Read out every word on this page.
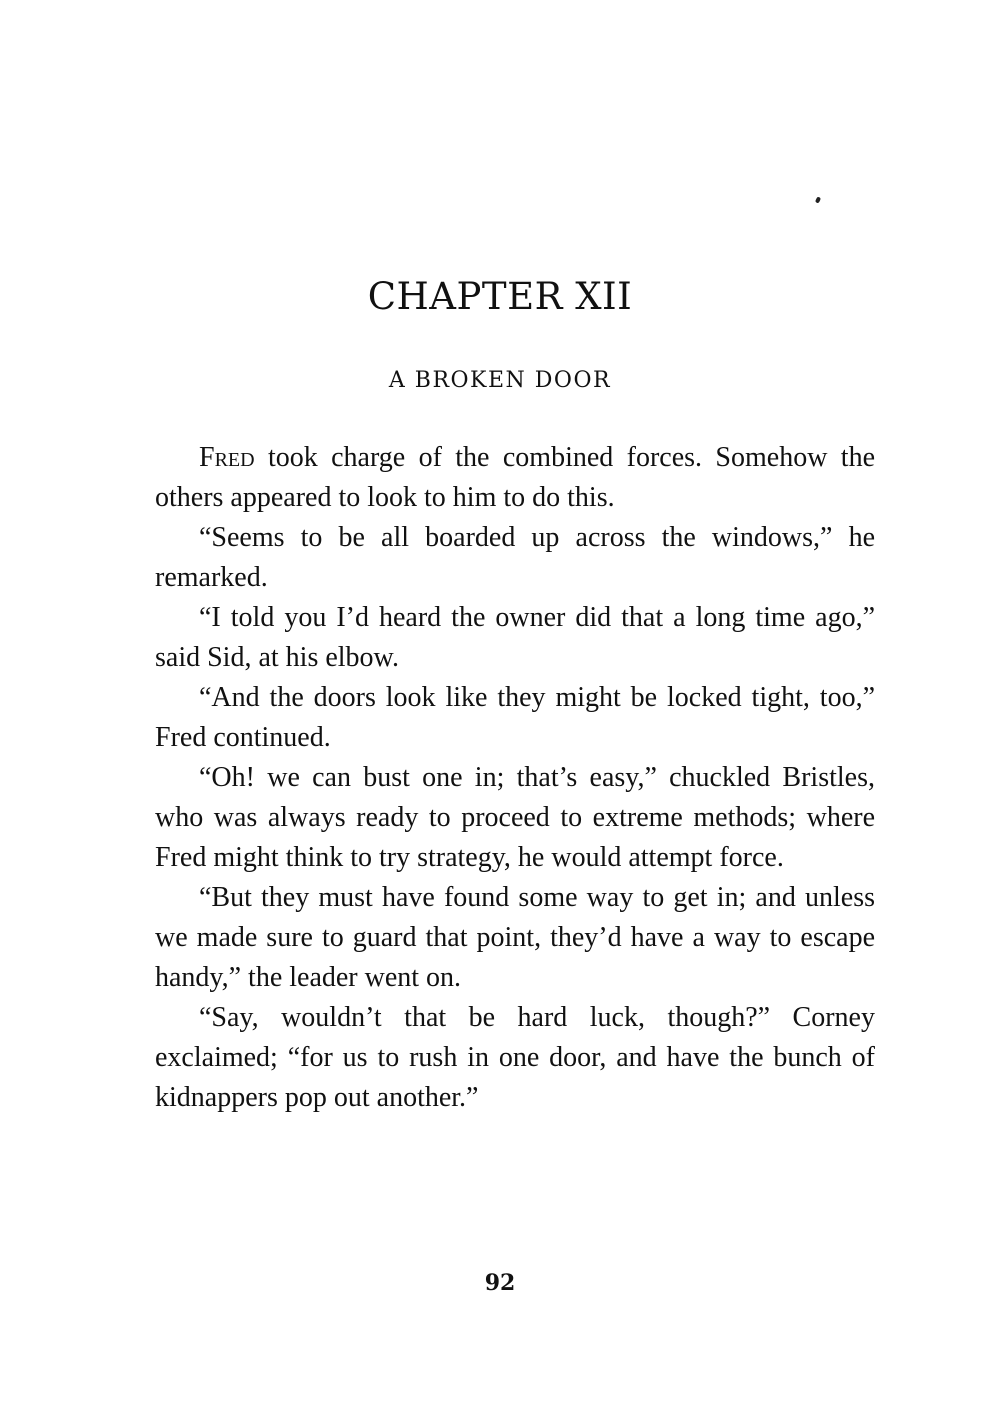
CHAPTER XII
A BROKEN DOOR

Fred took charge of the combined forces. Somehow the others appeared to look to him to do this.

“Seems to be all boarded up across the windows,” he remarked.

“I told you I’d heard the owner did that a long time ago,” said Sid, at his elbow.

“And the doors look like they might be locked tight, too,” Fred continued.

“Oh! we can bust one in; that’s easy,” chuckled Bristles, who was always ready to proceed to extreme methods; where Fred might think to try strategy, he would attempt force.

“But they must have found some way to get in; and unless we made sure to guard that point, they’d have a way to escape handy,” the leader went on.

“Say, wouldn’t that be hard luck, though?” Corney exclaimed; “for us to rush in one door, and have the bunch of kidnappers pop out another.”

92
